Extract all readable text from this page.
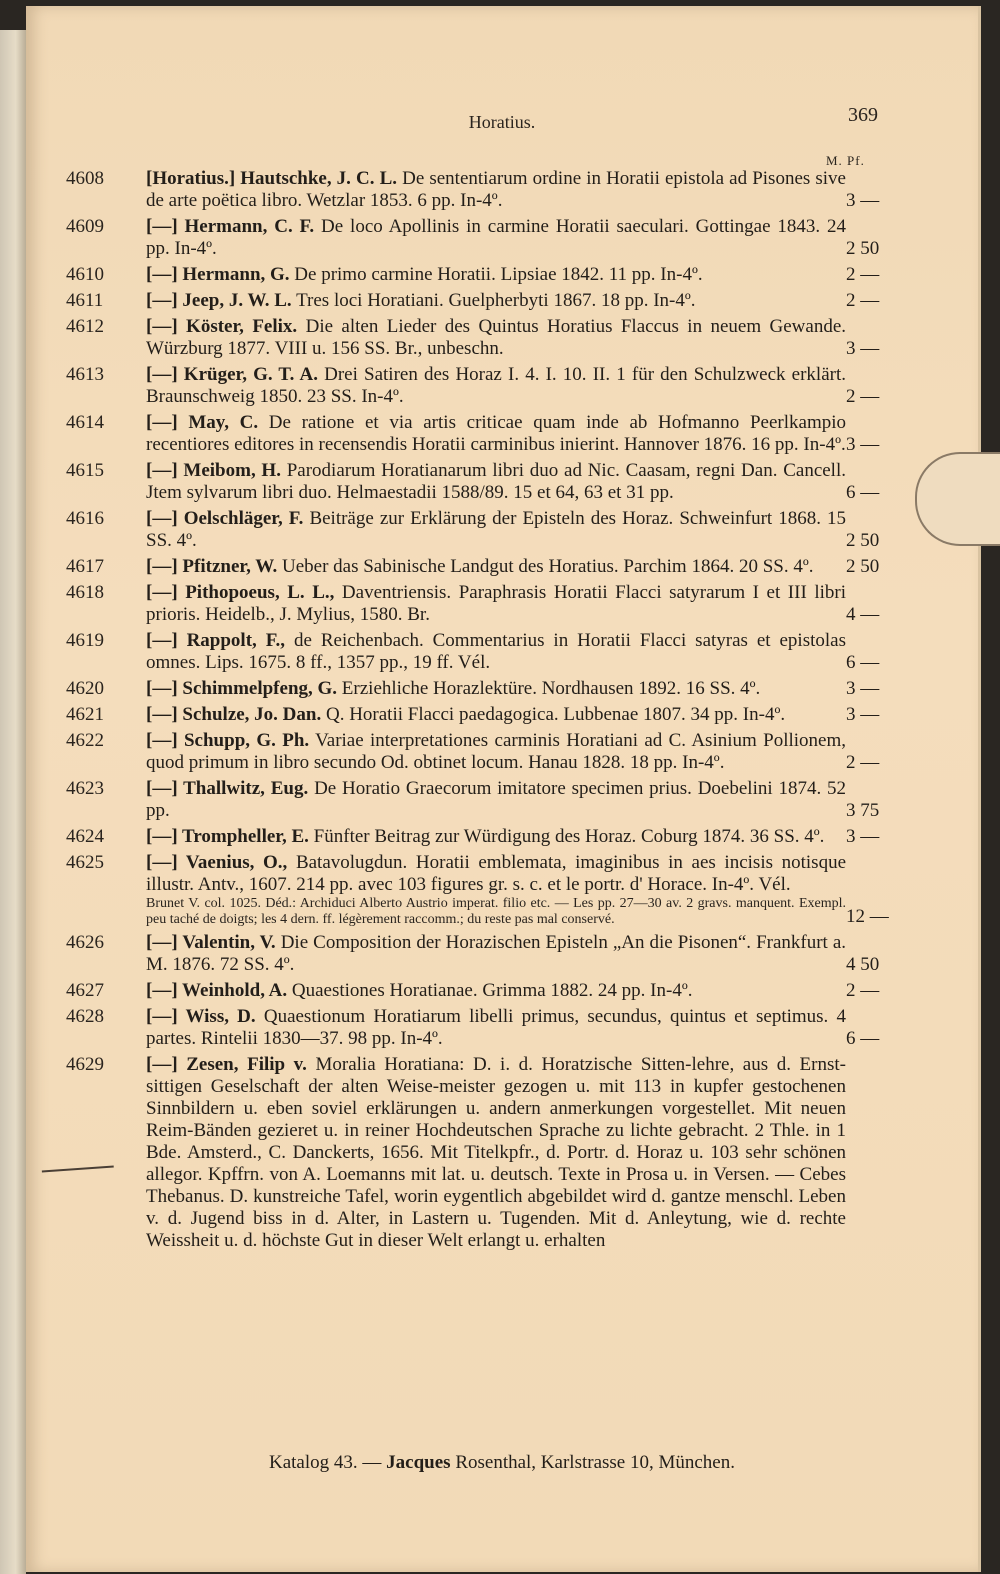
Horatius.	369
M. Pf.
4608	[Horatius.] Hautschke, J. C. L. De sententiarum ordine in Horatii epistola ad Pisones sive de arte poëtica libro. Wetzlar 1853. 6 pp. In-4º.	3 —
4609	[—] Hermann, C. F. De loco Apollinis in carmine Horatii saeculari. Gottingae 1843. 24 pp. In-4º.	2 50
4610	[—] Hermann, G. De primo carmine Horatii. Lipsiae 1842. 11 pp. In-4º.	2 —
4611	[—] Jeep, J. W. L. Tres loci Horatiani. Guelpherbyti 1867. 18 pp. In-4º.	2 —
4612	[—] Köster, Felix. Die alten Lieder des Quintus Horatius Flaccus in neuem Gewande. Würzburg 1877. VIII u. 156 SS. Br., unbeschn.	3 —
4613	[—] Krüger, G. T. A. Drei Satiren des Horaz I. 4. I. 10. II. 1 für den Schulzweck erklärt. Braunschweig 1850. 23 SS. In-4º.	2 —
4614	[—] May, C. De ratione et via artis criticae quam inde ab Hofmanno Peerlkampio recentiores editores in recensendis Horatii carminibus inierint. Hannover 1876. 16 pp. In-4º. 3 —
4615	[—] Meibom, H. Parodiarum Horatianarum libri duo ad Nic. Caasam, regni Dan. Cancell. Jtem sylvarum libri duo. Helmaestadii 1588/89. 15 et 64, 63 et 31 pp.	6 —
4616	[—] Oelschläger, F. Beiträge zur Erklärung der Episteln des Horaz. Schweinfurt 1868. 15 SS. 4º.	2 50
4617	[—] Pfitzner, W. Ueber das Sabinische Landgut des Horatius. Parchim 1864. 20 SS. 4º.	2 50
4618	[—] Pithopoeus, L. L., Daventriensis. Paraphrasis Horatii Flacci satyrarum I et III libri prioris. Heidelb., J. Mylius, 1580. Br.	4 —
4619	[—] Rappolt, F., de Reichenbach. Commentarius in Horatii Flacci satyras et epistolas omnes. Lips. 1675. 8 ff., 1357 pp., 19 ff. Vél.	6 —
4620	[—] Schimmelpfeng, G. Erziehliche Horazlektüre. Nordhausen 1892. 16 SS. 4º.	3 —
4621	[—] Schulze, Jo. Dan. Q. Horatii Flacci paedagogica. Lubbenae 1807. 34 pp. In-4º.	3 —
4622	[—] Schupp, G. Ph. Variae interpretationes carminis Horatiani ad C. Asinium Pollionem, quod primum in libro secundo Od. obtinet locum. Hanau 1828. 18 pp. In-4º.	2 —
4623	[—] Thallwitz, Eug. De Horatio Graecorum imitatore specimen prius. Doebelini 1874. 52 pp.	3 75
4624	[—] Trompheller, E. Fünfter Beitrag zur Würdigung des Horaz. Coburg 1874. 36 SS. 4º.	3 —
4625	[—] Vaenius, O., Batavolugdun. Horatii emblemata, imaginibus in aes incisis notisque illustr. Antv., 1607. 214 pp. avec 103 figures gr. s. c. et le portr. d' Horace. In-4º. Vél.
Brunet V. col. 1025. Déd.: Archiduci Alberto Austrio imperat. filio etc. — Les pp. 27—30 av. 2 gravs. manquent. Exempl. peu taché de doigts; les 4 dern. ff. légèrement raccomm.; du reste pas mal conservé.	12 —
4626	[—] Valentin, V. Die Composition der Horazischen Episteln „An die Pisonen“. Frankfurt a. M. 1876. 72 SS. 4º.	4 50
4627	[—] Weinhold, A. Quaestiones Horatianae. Grimma 1882. 24 pp. In-4º.	2 —
4628	[—] Wiss, D. Quaestionum Horatiarum libelli primus, secundus, quintus et septimus. 4 partes. Rintelii 1830—37. 98 pp. In-4º.	6 —
4629	[—] Zesen, Filip v. Moralia Horatiana: D. i. d. Horatzische Sitten-lehre, aus d. Ernst-sittigen Geselschaft der alten Weise-meister gezogen u. mit 113 in kupfer gestochenen Sinnbildern u. eben soviel erklärungen u. andern anmerkungen vorgestellet. Mit neuen Reim-Bänden gezieret u. in reiner Hochdeutschen Sprache zu lichte gebracht. 2 Thle. in 1 Bde. Amsterd., C. Danckerts, 1656. Mit Titelkpfr., d. Portr. d. Horaz u. 103 sehr schönen allegor. Kpffrn. von A. Loemanns mit lat. u. deutsch. Texte in Prosa u. in Versen. — Cebes Thebanus. D. kunstreiche Tafel, worin eygentlich abgebildet wird d. gantze menschl. Leben v. d. Jugend biss in d. Alter, in Lastern u. Tugenden. Mit d. Anleytung, wie d. rechte Weissheit u. d. höchste Gut in dieser Welt erlangt u. erhalten
Katalog 43. — Jacques Rosenthal, Karlstrasse 10, München.
